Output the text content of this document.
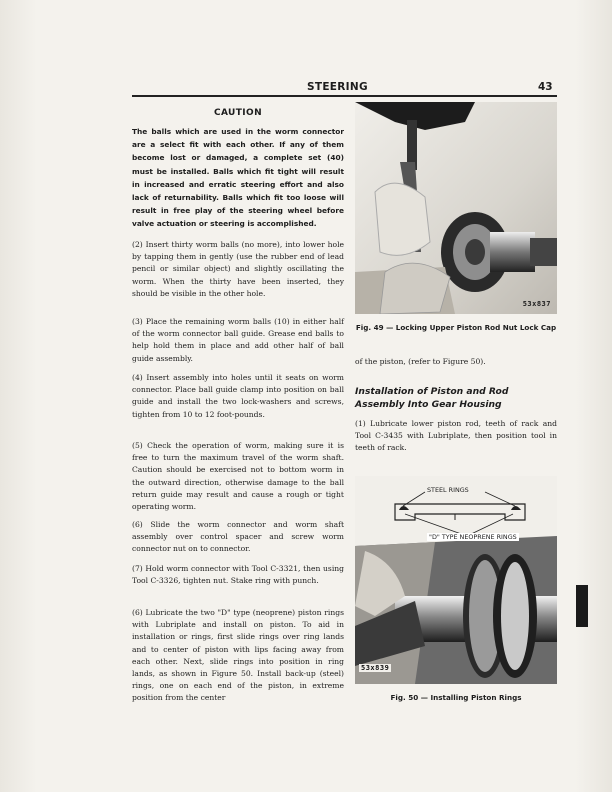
STEERING	43
CAUTION

The balls which are used in the worm connector are a select fit with each other. If any of them become lost or damaged, a complete set (40) must be installed. Balls which fit tight will result in increased and erratic steering effort and also lack of returnability. Balls which fit too loose will result in free play of the steering wheel before valve actuation or steering is accomplished.

(2) Insert thirty worm balls (no more), into lower hole by tapping them in gently (use the rubber end of lead pencil or similar object) and slightly oscillating the worm. When the thirty have been inserted, they should be visible in the other hole.

(3) Place the remaining worm balls (10) in either half of the worm connector ball guide. Grease end balls to help hold them in place and add other half of ball guide assembly.

(4) Insert assembly into holes until it seats on worm connector. Place ball guide clamp into position on ball guide and install the two lock-washers and screws, tighten from 10 to 12 foot-pounds.

(5) Check the operation of worm, making sure it is free to turn the maximum travel of the worm shaft. Caution should be exercised not to bottom worm in the outward direction, otherwise damage to the ball return guide may result and cause a rough or tight operating worm.

(6) Slide the worm connector and worm shaft assembly over control spacer and screw worm connector nut on to connector.

(7) Hold worm connector with Tool C-3321, then using Tool C-3326, tighten nut. Stake ring with punch.

(6) Lubricate the two "D" type (neoprene) piston rings with Lubriplate and install on piston. To aid in installation or rings, first slide rings over ring lands and to center of piston with lips facing away from each other. Next, slide rings into position in ring lands, as shown in Figure 50. Install back-up (steel) rings, one on each end of the piston, in extreme position from the center

53x837
Fig. 49 — Locking Upper Piston Rod Nut Lock Cap

of the piston, (refer to Figure 50).

Installation of Piston and Rod Assembly Into Gear Housing

(1) Lubricate lower piston rod, teeth of rack and Tool C-3435 with Lubriplate, then position tool in teeth of rack.

STEEL RINGS
"D" TYPE NEOPRENE RINGS
53x839
Fig. 50 — Installing Piston Rings
